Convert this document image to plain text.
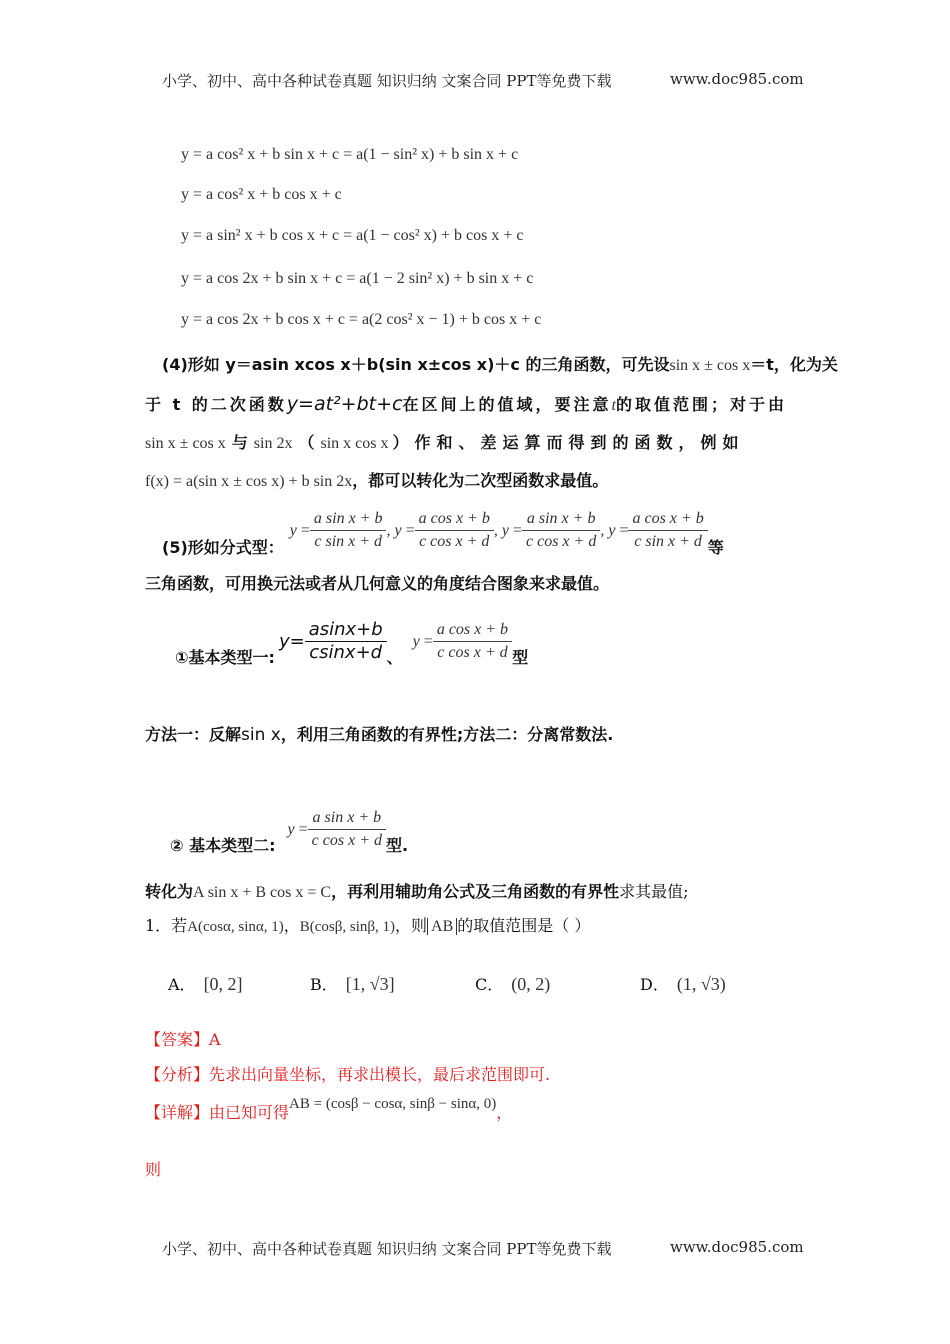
小学、初中、高中各种试卷真题 知识归纳 文案合同 PPT等免费下载	www.doc985.com
y = a cos² x + b sin x + c = a(1 − sin² x) + b sin x + c
y = a cos² x + b cos x + c
y = a sin² x + b cos x + c = a(1 − cos² x) + b cos x + c
y = a cos 2x + b sin x + c = a(1 − 2 sin² x) + b sin x + c
y = a cos 2x + b cos x + c = a(2 cos² x − 1) + b cos x + c
(4)形如 y＝asin xcos x＋b(sin x±cos x)＋c 的三角函数，可先设sin x ± cos x＝t，化为关
于 t 的二次函数y=at²+bt+c在区间上的值域，要注意t的取值范围；对于由
sin x ± cos x 与 sin 2x （ sin x cos x ）作和、差运算而得到的函数，例如
f(x) = a(sin x ± cos x) + b sin 2x，都可以转化为二次型函数求最值。
(5)形如分式型：
$y = \frac{\text{a sin x + b}}{\text{c sin x + d}}$ , $y = \frac{\text{a cos x + b}}{\text{c cos x + d}}$ , $y = \frac{\text{a sin x + b}}{\text{c cos x + d}}$ , $y = \frac{\text{a cos x + b}}{\text{c sin x + d}}$ 等
三角函数，可用换元法或者从几何意义的角度结合图象来求最值。
①基本类型一:
$y= \frac{asinx+b}{csinx+d}$ 、
$y = \frac{\text{a cos x + b}}{\text{c cos x + d}}$ 型
方法一：反解sin x，利用三角函数的有界性;方法二：分离常数法.
② 基本类型二:
$y = \frac{\text{a sin x + b}}{\text{c cos x + d}}$ 型.
转化为A sin x + B cos x = C，再利用辅助角公式及三角函数的有界性求其最值;
1．若A(cosα, sinα, 1)，B(cosβ, sinβ, 1)，则 AB 的取值范围是（ ）
A． [0, 2]	B． [1, √3]	C． (0, 2)	D． (1, √3)
【答案】A
【分析】先求出向量坐标，再求出模长，最后求范围即可.
【详解】由已知可得AB = (cosβ − cosα, sinβ − sinα, 0)，
则
小学、初中、高中各种试卷真题 知识归纳 文案合同 PPT等免费下载	www.doc985.com
